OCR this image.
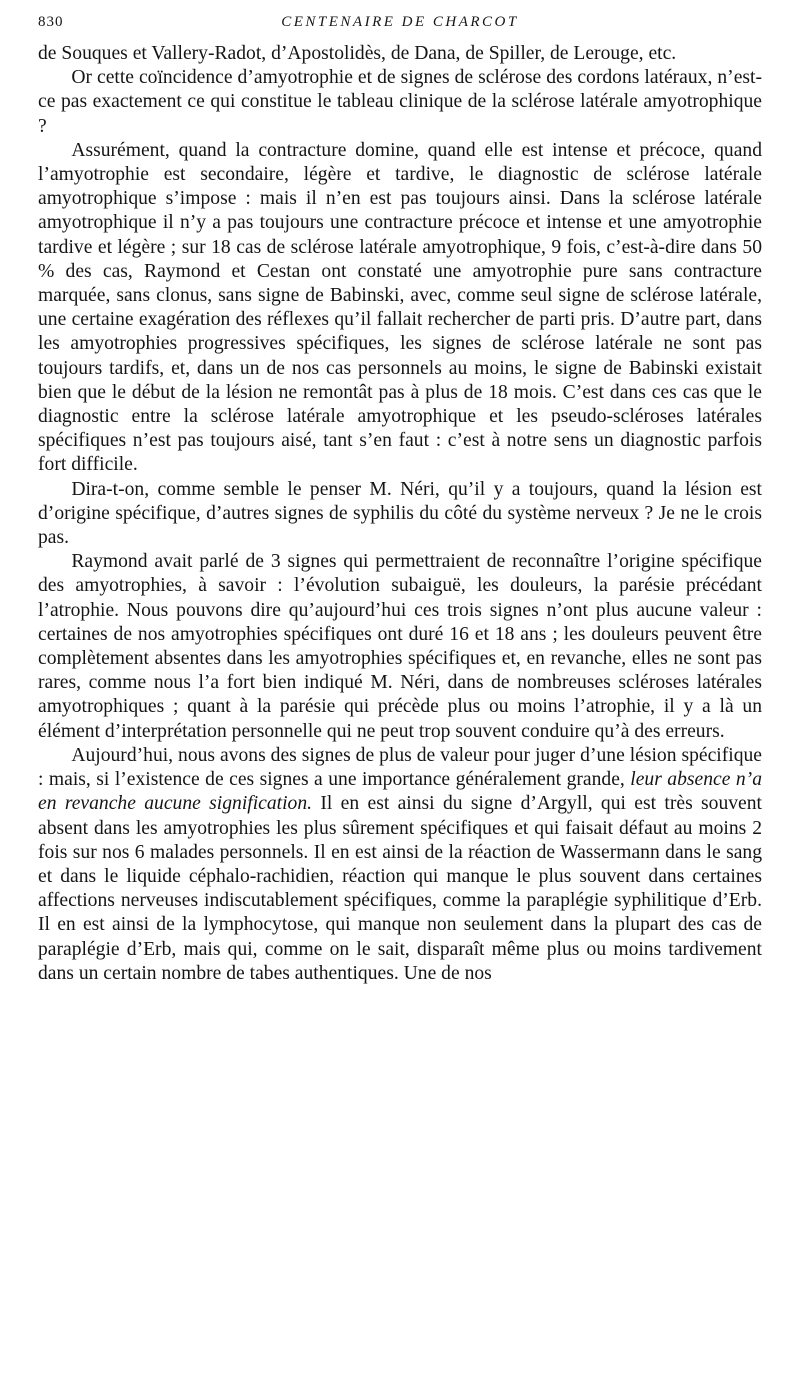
830	CENTENAIRE DE CHARCOT

de Souques et Vallery-Radot, d’Apostolidès, de Dana, de Spiller, de Lerouge, etc.

Or cette coïncidence d’amyotrophie et de signes de sclérose des cordons latéraux, n’est-ce pas exactement ce qui constitue le tableau clinique de la sclérose latérale amyotrophique ?

Assurément, quand la contracture domine, quand elle est intense et précoce, quand l’amyotrophie est secondaire, légère et tardive, le diagnostic de sclérose latérale amyotrophique s’impose : mais il n’en est pas toujours ainsi. Dans la sclérose latérale amyotrophique il n’y a pas toujours une contracture précoce et intense et une amyotrophie tardive et légère ; sur 18 cas de sclérose latérale amyotrophique, 9 fois, c’est-à-dire dans 50 % des cas, Raymond et Cestan ont constaté une amyotrophie pure sans contracture marquée, sans clonus, sans signe de Babinski, avec, comme seul signe de sclérose latérale, une certaine exagération des réflexes qu’il fallait rechercher de parti pris. D’autre part, dans les amyotrophies progressives spécifiques, les signes de sclérose latérale ne sont pas toujours tardifs, et, dans un de nos cas personnels au moins, le signe de Babinski existait bien que le début de la lésion ne remontât pas à plus de 18 mois. C’est dans ces cas que le diagnostic entre la sclérose latérale amyotrophique et les pseudo-scléroses latérales spécifiques n’est pas toujours aisé, tant s’en faut : c’est à notre sens un diagnostic parfois fort difficile.

Dira-t-on, comme semble le penser M. Néri, qu’il y a toujours, quand la lésion est d’origine spécifique, d’autres signes de syphilis du côté du système nerveux ? Je ne le crois pas.

Raymond avait parlé de 3 signes qui permettraient de reconnaître l’origine spécifique des amyotrophies, à savoir : l’évolution subaiguë, les douleurs, la parésie précédant l’atrophie. Nous pouvons dire qu’aujourd’hui ces trois signes n’ont plus aucune valeur : certaines de nos amyotrophies spécifiques ont duré 16 et 18 ans ; les douleurs peuvent être complètement absentes dans les amyotrophies spécifiques et, en revanche, elles ne sont pas rares, comme nous l’a fort bien indiqué M. Néri, dans de nombreuses scléroses latérales amyotrophiques ; quant à la parésie qui précède plus ou moins l’atrophie, il y a là un élément d’interprétation personnelle qui ne peut trop souvent conduire qu’à des erreurs.

Aujourd’hui, nous avons des signes de plus de valeur pour juger d’une lésion spécifique : mais, si l’existence de ces signes a une importance généralement grande, leur absence n’a en revanche aucune signification. Il en est ainsi du signe d’Argyll, qui est très souvent absent dans les amyotrophies les plus sûrement spécifiques et qui faisait défaut au moins 2 fois sur nos 6 malades personnels. Il en est ainsi de la réaction de Wassermann dans le sang et dans le liquide céphalo-rachidien, réaction qui manque le plus souvent dans certaines affections nerveuses indiscutablement spécifiques, comme la paraplégie syphilitique d’Erb. Il en est ainsi de la lymphocytose, qui manque non seulement dans la plupart des cas de paraplégie d’Erb, mais qui, comme on le sait, disparaît même plus ou moins tardivement dans un certain nombre de tabes authentiques. Une de nos
